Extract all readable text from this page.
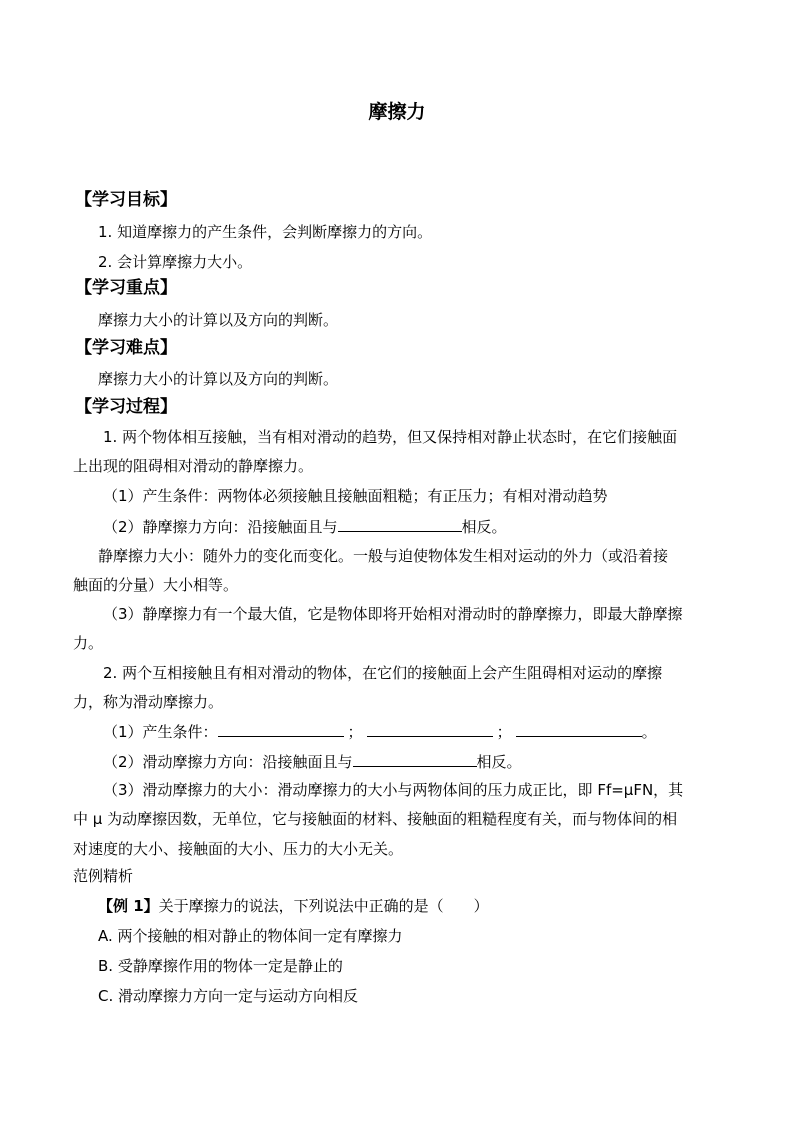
摩擦力
【学习目标】
1. 知道摩擦力的产生条件，会判断摩擦力的方向。
2. 会计算摩擦力大小。
【学习重点】
摩擦力大小的计算以及方向的判断。
【学习难点】
摩擦力大小的计算以及方向的判断。
【学习过程】
1. 两个物体相互接触，当有相对滑动的趋势，但又保持相对静止状态时，在它们接触面
上出现的阻碍相对滑动的静摩擦力。
（1）产生条件：两物体必须接触且接触面粗糙；有正压力；有相对滑动趋势
（2）静摩擦力方向：沿接触面且与	相反。
静摩擦力大小：随外力的变化而变化。一般与迫使物体发生相对运动的外力（或沿着接
触面的分量）大小相等。
（3）静摩擦力有一个最大值，它是物体即将开始相对滑动时的静摩擦力，即最大静摩擦
力。
2. 两个互相接触且有相对滑动的物体，在它们的接触面上会产生阻碍相对运动的摩擦
力，称为滑动摩擦力。
（1）产生条件：	；	；	。
（2）滑动摩擦力方向：沿接触面且与	相反。
（3）滑动摩擦力的大小：滑动摩擦力的大小与两物体间的压力成正比，即 Ff=μFN，其
中 μ 为动摩擦因数，无单位，它与接触面的材料、接触面的粗糙程度有关，而与物体间的相
对速度的大小、接触面的大小、压力的大小无关。
范例精析
【例 1】关于摩擦力的说法，下列说法中正确的是（　　）
A. 两个接触的相对静止的物体间一定有摩擦力
B. 受静摩擦作用的物体一定是静止的
C. 滑动摩擦力方向一定与运动方向相反
